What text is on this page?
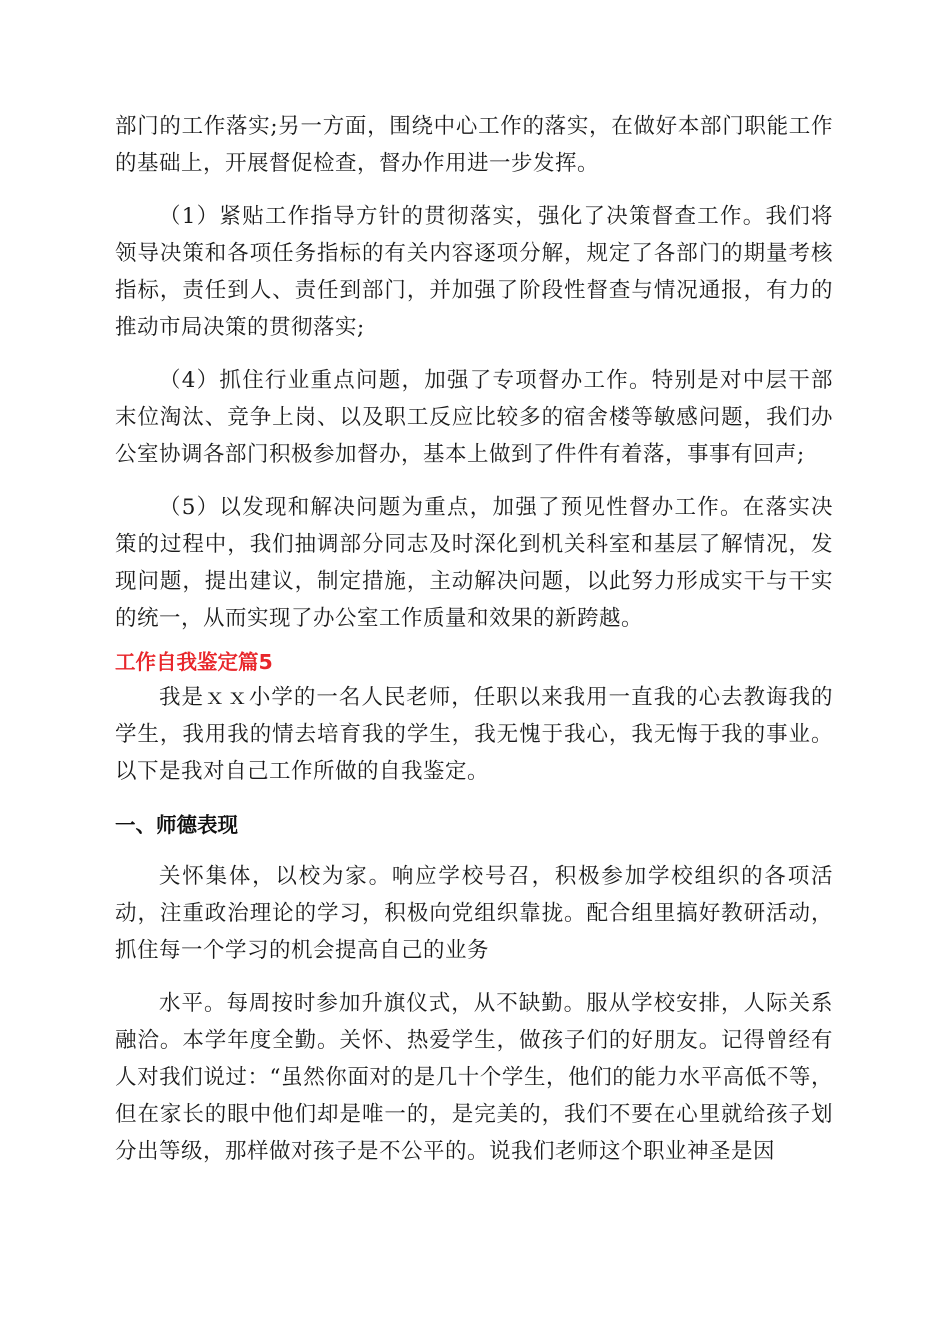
部门的工作落实;另一方面，围绕中心工作的落实，在做好本部门职能工作的基础上，开展督促检查，督办作用进一步发挥。

（1）紧贴工作指导方针的贯彻落实，强化了决策督查工作。我们将领导决策和各项任务指标的有关内容逐项分解，规定了各部门的期量考核指标，责任到人、责任到部门，并加强了阶段性督查与情况通报，有力的推动市局决策的贯彻落实;

（4）抓住行业重点问题，加强了专项督办工作。特别是对中层干部末位淘汰、竞争上岗、以及职工反应比较多的宿舍楼等敏感问题，我们办公室协调各部门积极参加督办，基本上做到了件件有着落，事事有回声;

（5）以发现和解决问题为重点，加强了预见性督办工作。在落实决策的过程中，我们抽调部分同志及时深化到机关科室和基层了解情况，发现问题，提出建议，制定措施，主动解决问题，以此努力形成实干与干实的统一，从而实现了办公室工作质量和效果的新跨越。

工作自我鉴定篇5

我是ｘｘ小学的一名人民老师，任职以来我用一直我的心去教诲我的学生，我用我的情去培育我的学生，我无愧于我心，我无悔于我的事业。以下是我对自己工作所做的自我鉴定。

一、师德表现

关怀集体，以校为家。响应学校号召，积极参加学校组织的各项活动，注重政治理论的学习，积极向党组织靠拢。配合组里搞好教研活动，抓住每一个学习的机会提高自己的业务

水平。每周按时参加升旗仪式，从不缺勤。服从学校安排，人际关系融洽。本学年度全勤。关怀、热爱学生，做孩子们的好朋友。记得曾经有人对我们说过：“虽然你面对的是几十个学生，他们的能力水平高低不等，但在家长的眼中他们却是唯一的，是完美的，我们不要在心里就给孩子划分出等级，那样做对孩子是不公平的。说我们老师这个职业神圣是因
